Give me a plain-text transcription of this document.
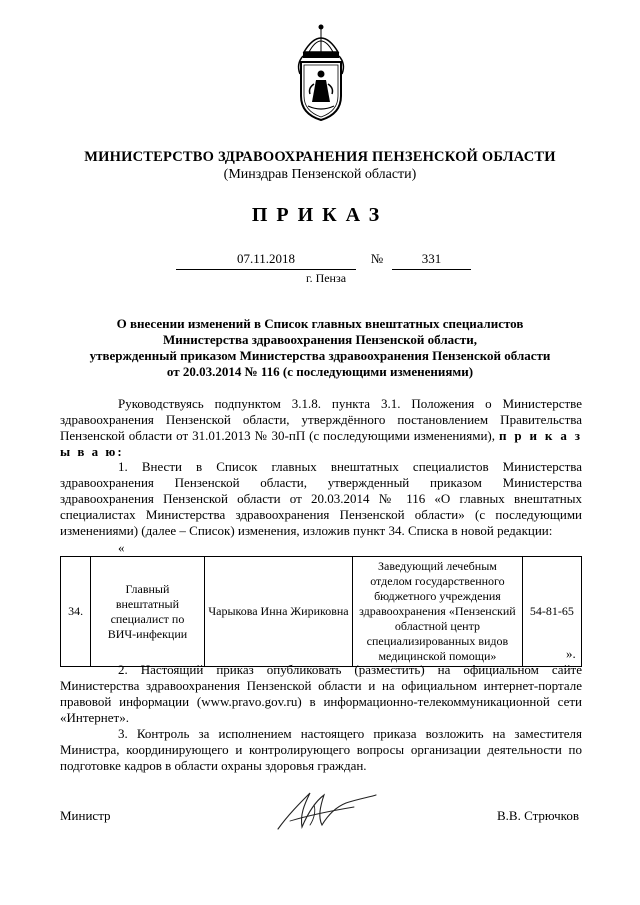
МИНИСТЕРСТВО ЗДРАВООХРАНЕНИЯ ПЕНЗЕНСКОЙ ОБЛАСТИ
(Минздрав Пензенской области)
ПРИКАЗ
07.11.2018	№	331
г. Пенза
О внесении изменений в Список главных внештатных специалистов
Министерства здравоохранения Пензенской области,
утвержденный приказом Министерства здравоохранения Пензенской области
от 20.03.2014 № 116 (с последующими изменениями)
Руководствуясь подпунктом 3.1.8. пункта 3.1. Положения о Министерстве здравоохранения Пензенской области, утверждённого постановлением Правительства Пензенской области от 31.01.2013 № 30-пП (с последующими изменениями), п р и к а з ы в а ю:
1. Внести в Список главных внештатных специалистов Министерства здравоохранения Пензенской области, утвержденный приказом Министерства здравоохранения Пензенской области от 20.03.2014 № 116 «О главных внештатных специалистах Министерства здравоохранения Пензенской области» (с последующими изменениями) (далее – Список) изменения, изложив пункт 34. Списка в новой редакции:
«
34.	Главный внештатный специалист по ВИЧ-инфекции	Чарыкова Инна Жириковна	Заведующий лечебным отделом государственного бюджетного учреждения здравоохранения «Пензенский областной центр специализированных видов медицинской помощи»	54-81-65
».
2. Настоящий приказ опубликовать (разместить) на официальном сайте Министерства здравоохранения Пензенской области и на официальном интернет-портале правовой информации (www.pravo.gov.ru) в информационно-телекоммуникационной сети «Интернет».
3. Контроль за исполнением настоящего приказа возложить на заместителя Министра, координирующего и контролирующего вопросы организации деятельности по подготовке кадров в области охраны здоровья граждан.
Министр	В.В. Стрючков
